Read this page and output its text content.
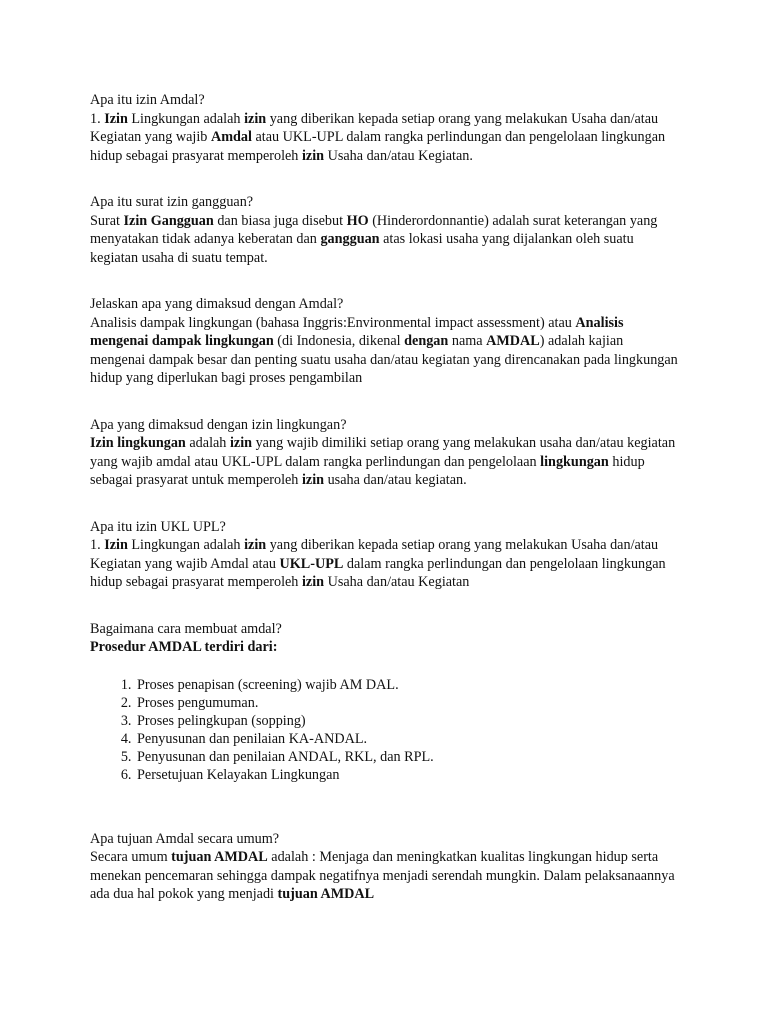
Apa itu izin Amdal?
1. Izin Lingkungan adalah izin yang diberikan kepada setiap orang yang melakukan Usaha dan/atau Kegiatan yang wajib Amdal atau UKL-UPL dalam rangka perlindungan dan pengelolaan lingkungan hidup sebagai prasyarat memperoleh izin Usaha dan/atau Kegiatan.
Apa itu surat izin gangguan?
Surat Izin Gangguan dan biasa juga disebut HO (Hinderordonnantie) adalah surat keterangan yang menyatakan tidak adanya keberatan dan gangguan atas lokasi usaha yang dijalankan oleh suatu kegiatan usaha di suatu tempat.
Jelaskan apa yang dimaksud dengan Amdal?
Analisis dampak lingkungan (bahasa Inggris:Environmental impact assessment) atau Analisis mengenai dampak lingkungan (di Indonesia, dikenal dengan nama AMDAL) adalah kajian mengenai dampak besar dan penting suatu usaha dan/atau kegiatan yang direncanakan pada lingkungan hidup yang diperlukan bagi proses pengambilan
Apa yang dimaksud dengan izin lingkungan?
Izin lingkungan adalah izin yang wajib dimiliki setiap orang yang melakukan usaha dan/atau kegiatan yang wajib amdal atau UKL-UPL dalam rangka perlindungan dan pengelolaan lingkungan hidup sebagai prasyarat untuk memperoleh izin usaha dan/atau kegiatan.
Apa itu izin UKL UPL?
1. Izin Lingkungan adalah izin yang diberikan kepada setiap orang yang melakukan Usaha dan/atau Kegiatan yang wajib Amdal atau UKL-UPL dalam rangka perlindungan dan pengelolaan lingkungan hidup sebagai prasyarat memperoleh izin Usaha dan/atau Kegiatan
Bagaimana cara membuat amdal?
Prosedur AMDAL terdiri dari:
1. Proses penapisan (screening) wajib AM DAL.
2. Proses pengumuman.
3. Proses pelingkupan (sopping)
4. Penyusunan dan penilaian KA-ANDAL.
5. Penyusunan dan penilaian ANDAL, RKL, dan RPL.
6. Persetujuan Kelayakan Lingkungan
Apa tujuan Amdal secara umum?
Secara umum tujuan AMDAL adalah : Menjaga dan meningkatkan kualitas lingkungan hidup serta menekan pencemaran sehingga dampak negatifnya menjadi serendah mungkin. Dalam pelaksanaannya ada dua hal pokok yang menjadi tujuan AMDAL
